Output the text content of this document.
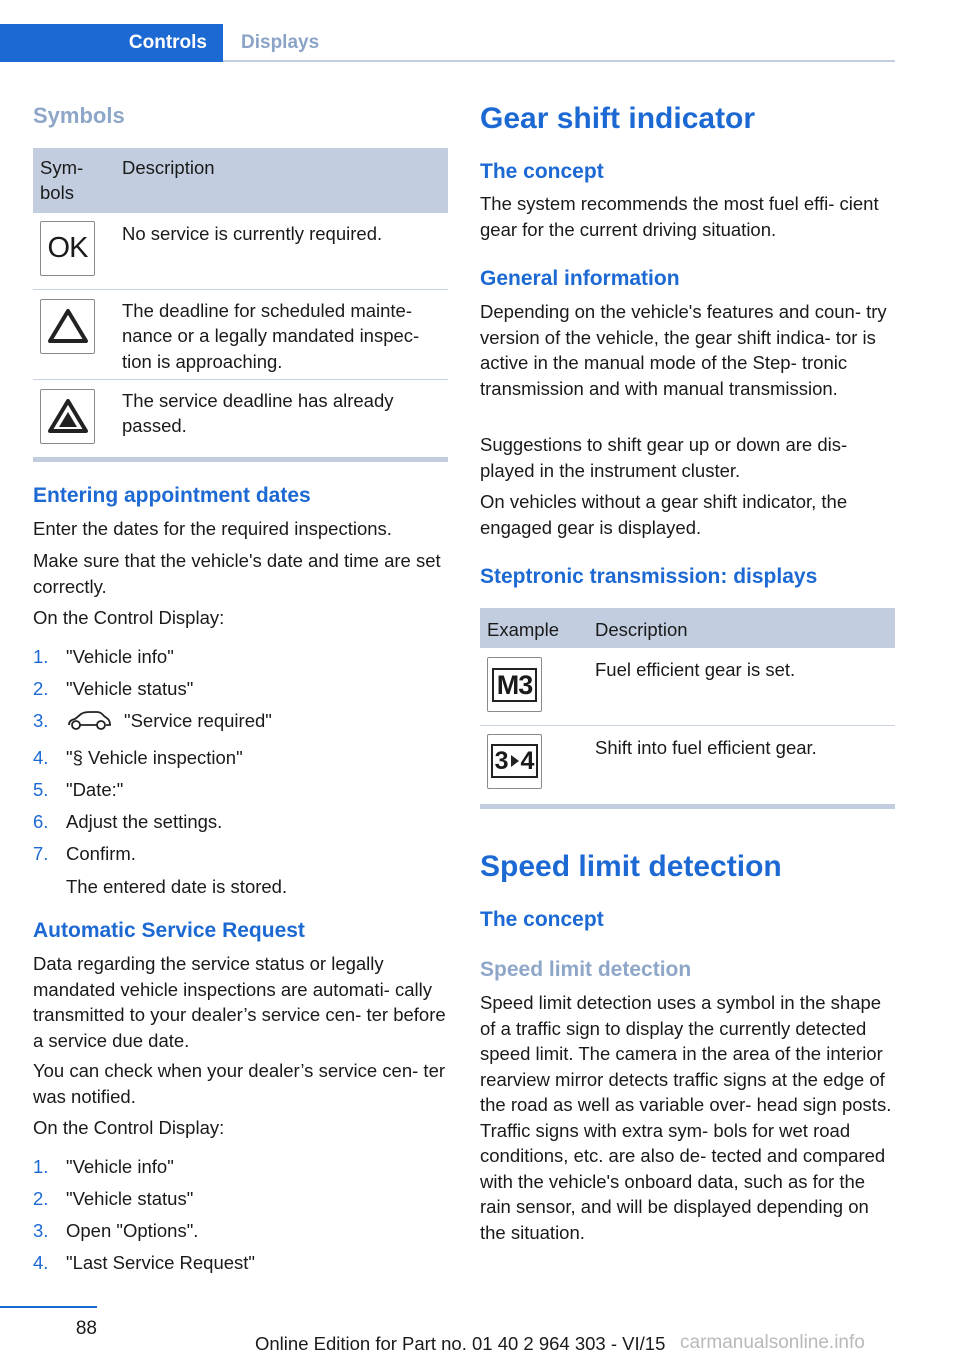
Controls	Displays
Symbols
Sym‐ bols	Description

OK	No service is currently required.

	The deadline for scheduled mainte‐ nance or a legally mandated inspec‐ tion is approaching.

	The service deadline has already passed.
Entering appointment dates
Enter the dates for the required inspections.
Make sure that the vehicle's date and time are set correctly.
On the Control Display:
1. "Vehicle info"
2. "Vehicle status"
3.	"Service required"
4. "§ Vehicle inspection"
5. "Date:"
6. Adjust the settings.
7. Confirm.
The entered date is stored.
Automatic Service Request
Data regarding the service status or legally mandated vehicle inspections are automati‐ cally transmitted to your dealer’s service cen‐ ter before a service due date.
You can check when your dealer’s service cen‐ ter was notified.
On the Control Display:
1. "Vehicle info"
2. "Vehicle status"
3. Open "Options".
4. "Last Service Request"
Gear shift indicator
The concept
The system recommends the most fuel effi‐ cient gear for the current driving situation.
General information
Depending on the vehicle's features and coun‐ try version of the vehicle, the gear shift indica‐ tor is active in the manual mode of the Step‐ tronic transmission and with manual transmission.
Suggestions to shift gear up or down are dis‐ played in the instrument cluster.
On vehicles without a gear shift indicator, the engaged gear is displayed.
Steptronic transmission: displays
Example	Description

M3	Fuel efficient gear is set.

3 4	Shift into fuel efficient gear.
Speed limit detection
The concept
Speed limit detection
Speed limit detection uses a symbol in the shape of a traffic sign to display the currently detected speed limit. The camera in the area of the interior rearview mirror detects traffic signs at the edge of the road as well as variable over‐ head sign posts. Traffic signs with extra sym‐ bols for wet road conditions, etc. are also de‐ tected and compared with the vehicle's onboard data, such as for the rain sensor, and will be displayed depending on the situation.
88
Online Edition for Part no. 01 40 2 964 303 - VI/15 carmanualsonline.info
